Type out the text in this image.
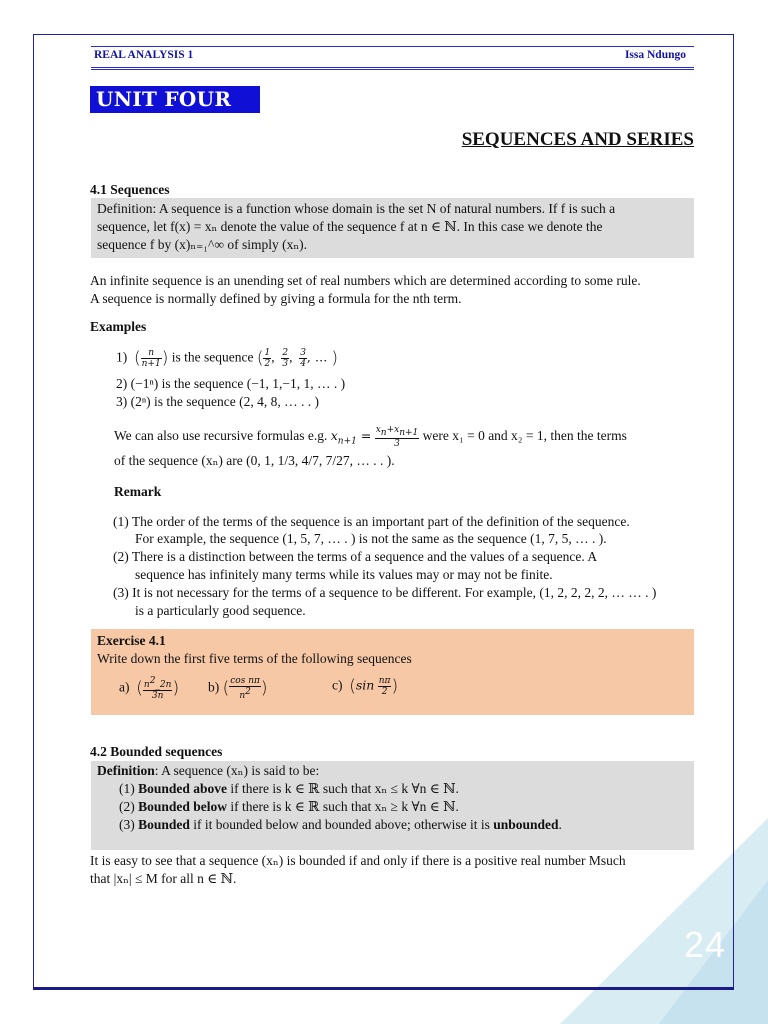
24
REAL ANALYSIS 1	Issa Ndungo
UNIT FOUR
SEQUENCES AND SERIES
4.1 Sequences
Definition: A sequence is a function whose domain is the set N of natural numbers. If f is such a
sequence, let f(x) = xₙ denote the value of the sequence f at n ∈ ℕ. In this case we denote the
sequence f by (x)ₙ₌₁^∞ of simply (xₙ).
An infinite sequence is an unending set of real numbers which are determined according to some rule.
A sequence is normally defined by giving a formula for the nth term.
Examples
1)  ( $\frac{n}{n+1}$ ) is the sequence ( $\frac{1}{2}$ , $\frac{2}{3}$ , $\frac{3}{4}$ , … )
2) (−1ⁿ) is the sequence (−1, 1,−1, 1, … . )
3) (2ⁿ) is the sequence (2, 4, 8, … . . )
We can also use recursive formulas e.g. $x_{n+1} = \frac{x_n+x_{n+1}}{3}$ were x₁ = 0 and x₂ = 1, then the terms
of the sequence (xₙ) are (0, 1, 1/3, 4/7, 7/27, … . . ).
Remark
(1) The order of the terms of the sequence is an important part of the definition of the sequence.
For example, the sequence (1, 5, 7, … . ) is not the same as the sequence (1, 7, 5, … . ).
(2) There is a distinction between the terms of a sequence and the values of a sequence. A
sequence has infinitely many terms while its values may or may not be finite.
(3) It is not necessary for the terms of a sequence to be different. For example, (1, 2, 2, 2, 2, … … . )
is a particularly good sequence.
Exercise 4.1
Write down the first five terms of the following sequences
a) ( $\frac{n^2\_2n}{3n}$ ) b) ( $\frac{\text{cos nπ}}{n^2}$ )	c) ($\sin \frac{n\pi}{2}$ )
4.2 Bounded sequences
Definition: A sequence (xₙ) is said to be:
(1) Bounded above if there is k ∈ ℝ such that xₙ ≤ k ∀n ∈ ℕ.
(2) Bounded below if there is k ∈ ℝ such that xₙ ≥ k ∀n ∈ ℕ.
(3) Bounded if it bounded below and bounded above; otherwise it is unbounded.
It is easy to see that a sequence (xₙ) is bounded if and only if there is a positive real number Msuch
that |xₙ| ≤ M for all n ∈ ℕ.
